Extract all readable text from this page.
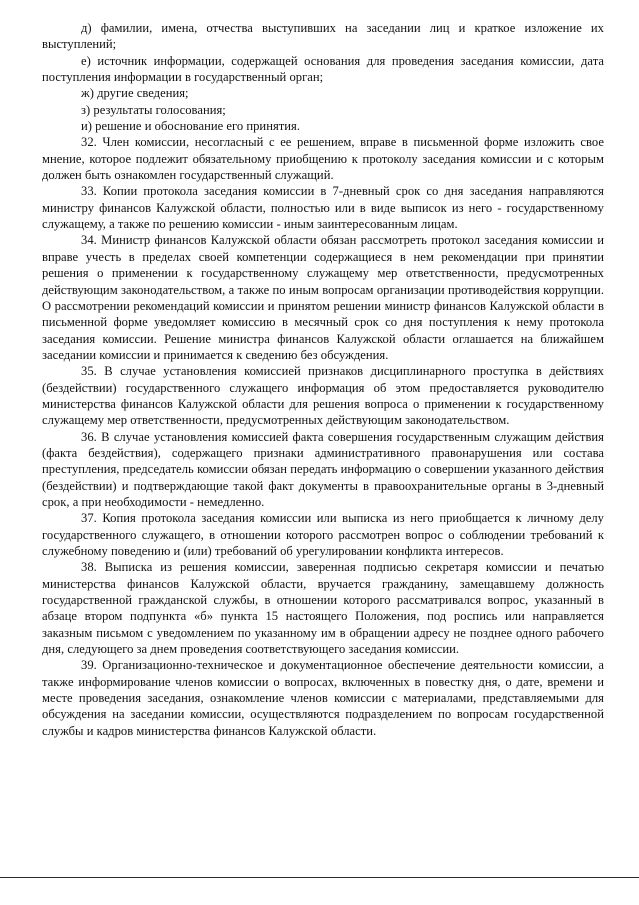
д) фамилии, имена, отчества выступивших на заседании лиц и краткое изложение их выступлений;

е) источник информации, содержащей основания для проведения заседания комиссии, дата поступления информации в государственный орган;

ж) другие сведения;

з) результаты голосования;

и) решение и обоснование его принятия.

32. Член комиссии, несогласный с ее решением, вправе в письменной форме изложить свое мнение, которое подлежит обязательному приобщению к протоколу заседания комиссии и с которым должен быть ознакомлен государственный служащий.

33. Копии протокола заседания комиссии в 7-дневный срок со дня заседания направляются министру финансов Калужской области, полностью или в виде выписок из него - государственному служащему, а также по решению комиссии - иным заинтересованным лицам.

34. Министр финансов Калужской области обязан рассмотреть протокол заседания комиссии и вправе учесть в пределах своей компетенции содержащиеся в нем рекомендации при принятии решения о применении к государственному служащему мер ответственности, предусмотренных действующим законодательством, а также по иным вопросам организации противодействия коррупции. О рассмотрении рекомендаций комиссии и принятом решении министр финансов Калужской области в письменной форме уведомляет комиссию в месячный срок со дня поступления к нему протокола заседания комиссии. Решение министра финансов Калужской области оглашается на ближайшем заседании комиссии и принимается к сведению без обсуждения.

35. В случае установления комиссией признаков дисциплинарного проступка в действиях (бездействии) государственного служащего информация об этом предоставляется руководителю министерства финансов Калужской области для решения вопроса о применении к государственному служащему мер ответственности, предусмотренных действующим законодательством.

36. В случае установления комиссией факта совершения государственным служащим действия (факта бездействия), содержащего признаки административного правонарушения или состава преступления, председатель комиссии обязан передать информацию о совершении указанного действия (бездействии) и подтверждающие такой факт документы в правоохранительные органы в 3-дневный срок, а при необходимости - немедленно.

37. Копия протокола заседания комиссии или выписка из него приобщается к личному делу государственного служащего, в отношении которого рассмотрен вопрос о соблюдении требований к служебному поведению и (или) требований об урегулировании конфликта интересов.

38. Выписка из решения комиссии, заверенная подписью секретаря комиссии и печатью министерства финансов Калужской области, вручается гражданину, замещавшему должность государственной гражданской службы, в отношении которого рассматривался вопрос, указанный в абзаце втором подпункта «б» пункта 15 настоящего Положения, под роспись или направляется заказным письмом с уведомлением по указанному им в обращении адресу не позднее одного рабочего дня, следующего за днем проведения соответствующего заседания комиссии.

39. Организационно-техническое и документационное обеспечение деятельности комиссии, а также информирование членов комиссии о вопросах, включенных в повестку дня, о дате, времени и месте проведения заседания, ознакомление членов комиссии с материалами, представляемыми для обсуждения на заседании комиссии, осуществляются подразделением по вопросам государственной службы и кадров министерства финансов Калужской области.
